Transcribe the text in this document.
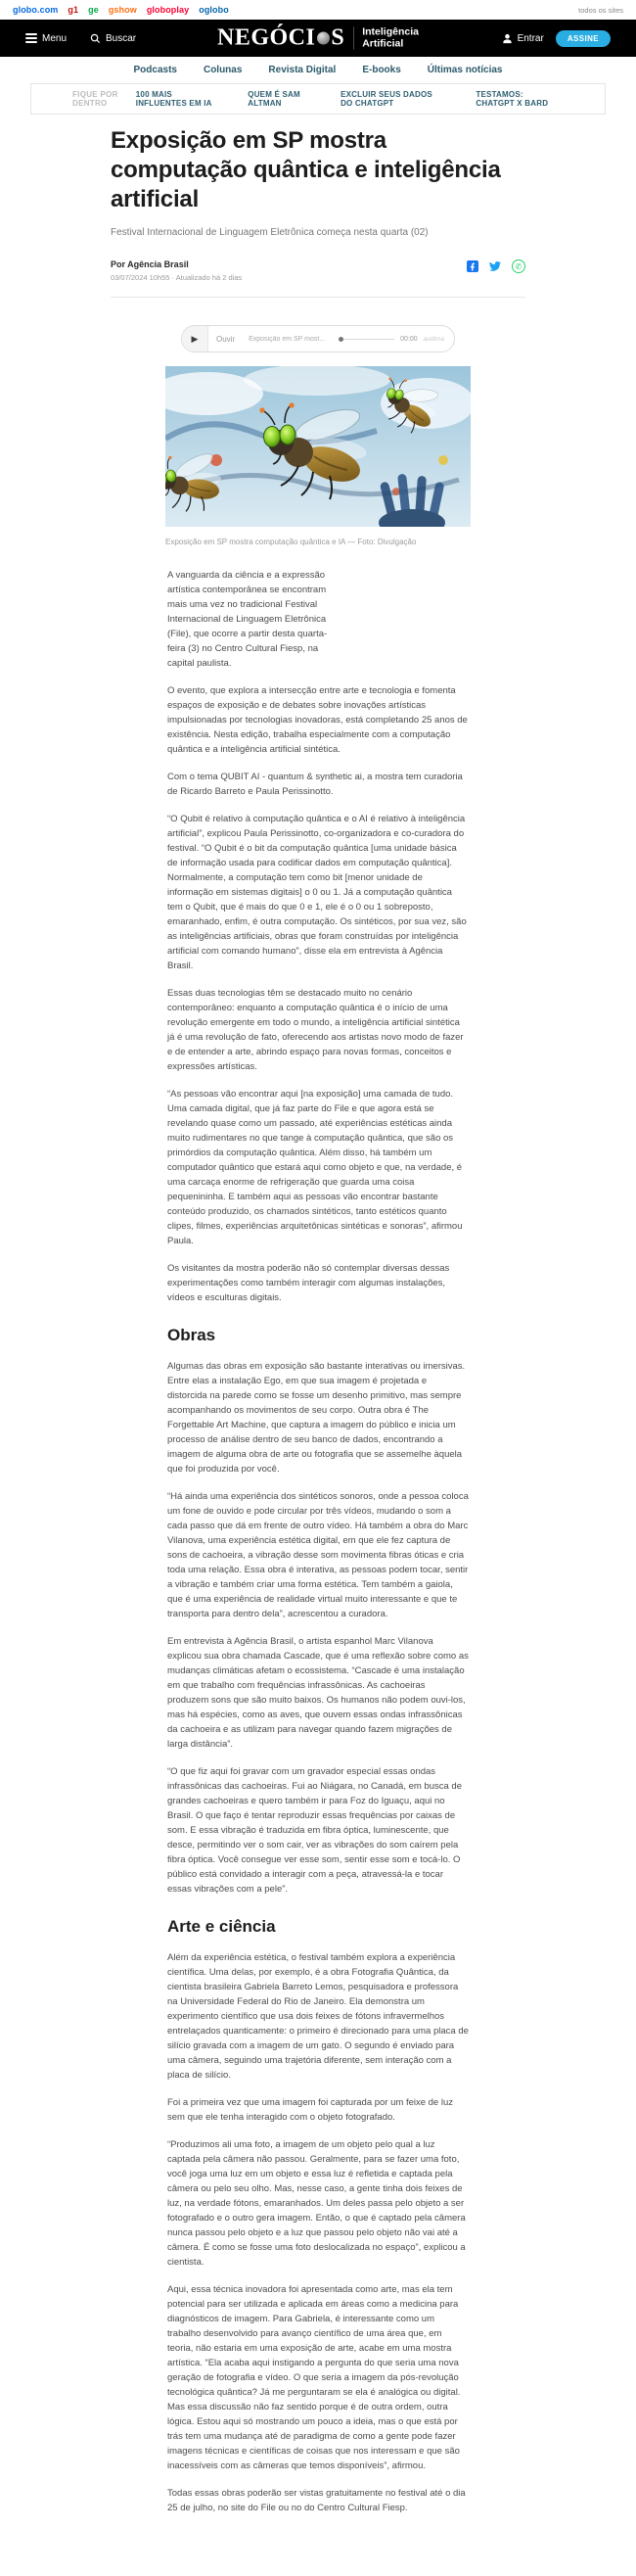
globo.com g1 ge gshow globoplay oglobo	todos os sites
Menu	Buscar	NEGÓCI S Inteligência
Artificial	Entrar	ASSINE
Podcasts	Colunas	Revista Digital	E-books	Últimas notícias
FIQUE POR DENTRO
100 MAIS INFLUENTES EM IA
QUEM É SAM ALTMAN
EXCLUIR SEUS DADOS DO CHATGPT
TESTAMOS: CHATGPT X BARD
Exposição em SP mostra computação quântica e inteligência artificial
Festival Internacional de Linguagem Eletrônica começa nesta quarta (02)
Por Agência Brasil
03/07/2024 10h55 · Atualizado há 2 dias
✆
▶ Ouvir	Exposição em SP most...	00:00 audima
Exposição em SP mostra computação quântica e IA — Foto: Divulgação
A vanguarda da ciência e a expressão artística contemporânea se encontram mais uma vez no tradicional Festival Internacional de Linguagem Eletrônica (File), que ocorre a partir desta quarta-feira (3) no Centro Cultural Fiesp, na capital paulista.
O evento, que explora a intersecção entre arte e tecnologia e fomenta espaços de exposição e de debates sobre inovações artísticas impulsionadas por tecnologias inovadoras, está completando 25 anos de existência. Nesta edição, trabalha especialmente com a computação quântica e a inteligência artificial sintética.
Com o tema QUBIT AI - quantum & synthetic ai, a mostra tem curadoria de Ricardo Barreto e Paula Perissinotto.
“O Qubit é relativo à computação quântica e o AI é relativo à inteligência artificial”, explicou Paula Perissinotto, co-organizadora e co-curadora do festival. “O Qubit é o bit da computação quântica [uma unidade básica de informação usada para codificar dados em computação quântica]. Normalmente, a computação tem como bit [menor unidade de informação em sistemas digitais] o 0 ou 1. Já a computação quântica tem o Qubit, que é mais do que 0 e 1, ele é o 0 ou 1 sobreposto, emaranhado, enfim, é outra computação. Os sintéticos, por sua vez, são as inteligências artificiais, obras que foram construídas por inteligência artificial com comando humano”, disse ela em entrevista à Agência Brasil.
Essas duas tecnologias têm se destacado muito no cenário contemporâneo: enquanto a computação quântica é o início de uma revolução emergente em todo o mundo, a inteligência artificial sintética já é uma revolução de fato, oferecendo aos artistas novo modo de fazer e de entender a arte, abrindo espaço para novas formas, conceitos e expressões artísticas.
“As pessoas vão encontrar aqui [na exposição] uma camada de tudo. Uma camada digital, que já faz parte do File e que agora está se revelando quase como um passado, até experiências estéticas ainda muito rudimentares no que tange à computação quântica, que são os primórdios da computação quântica. Além disso, há também um computador quântico que estará aqui como objeto e que, na verdade, é uma carcaça enorme de refrigeração que guarda uma coisa pequenininha. E também aqui as pessoas vão encontrar bastante conteúdo produzido, os chamados sintéticos, tanto estéticos quanto clipes, filmes, experiências arquitetônicas sintéticas e sonoras”, afirmou Paula.
Os visitantes da mostra poderão não só contemplar diversas dessas experimentações como também interagir com algumas instalações, vídeos e esculturas digitais.
Obras
Algumas das obras em exposição são bastante interativas ou imersivas. Entre elas a instalação Ego, em que sua imagem é projetada e distorcida na parede como se fosse um desenho primitivo, mas sempre acompanhando os movimentos de seu corpo. Outra obra é The Forgettable Art Machine, que captura a imagem do público e inicia um processo de análise dentro de seu banco de dados, encontrando a imagem de alguma obra de arte ou fotografia que se assemelhe àquela que foi produzida por você.
“Há ainda uma experiência dos sintéticos sonoros, onde a pessoa coloca um fone de ouvido e pode circular por três vídeos, mudando o som a cada passo que dá em frente de outro vídeo. Há também a obra do Marc Vilanova, uma experiência estética digital, em que ele fez captura de sons de cachoeira, a vibração desse som movimenta fibras óticas e cria toda uma relação. Essa obra é interativa, as pessoas podem tocar, sentir a vibração e também criar uma forma estética. Tem também a gaiola, que é uma experiência de realidade virtual muito interessante e que te transporta para dentro dela”, acrescentou a curadora.
Em entrevista à Agência Brasil, o artista espanhol Marc Vilanova explicou sua obra chamada Cascade, que é uma reflexão sobre como as mudanças climáticas afetam o ecossistema. “Cascade é uma instalação em que trabalho com frequências infrassônicas. As cachoeiras produzem sons que são muito baixos. Os humanos não podem ouvi-los, mas há espécies, como as aves, que ouvem essas ondas infrassônicas da cachoeira e as utilizam para navegar quando fazem migrações de larga distância”.
“O que fiz aqui foi gravar com um gravador especial essas ondas infrassônicas das cachoeiras. Fui ao Niágara, no Canadá, em busca de grandes cachoeiras e quero também ir para Foz do Iguaçu, aqui no Brasil. O que faço é tentar reproduzir essas frequências por caixas de som. E essa vibração é traduzida em fibra óptica, luminescente, que desce, permitindo ver o som cair, ver as vibrações do som caírem pela fibra óptica. Você consegue ver esse som, sentir esse som e tocá-lo. O público está convidado a interagir com a peça, atravessá-la e tocar essas vibrações com a pele”.
Arte e ciência
Além da experiência estética, o festival também explora a experiência científica. Uma delas, por exemplo, é a obra Fotografia Quântica, da cientista brasileira Gabriela Barreto Lemos, pesquisadora e professora na Universidade Federal do Rio de Janeiro. Ela demonstra um experimento científico que usa dois feixes de fótons infravermelhos entrelaçados quanticamente: o primeiro é direcionado para uma placa de silício gravada com a imagem de um gato. O segundo é enviado para uma câmera, seguindo uma trajetória diferente, sem interação com a placa de silício.
Foi a primeira vez que uma imagem foi capturada por um feixe de luz sem que ele tenha interagido com o objeto fotografado.
“Produzimos ali uma foto, a imagem de um objeto pelo qual a luz captada pela câmera não passou. Geralmente, para se fazer uma foto, você joga uma luz em um objeto e essa luz é refletida e captada pela câmera ou pelo seu olho. Mas, nesse caso, a gente tinha dois feixes de luz, na verdade fótons, emaranhados. Um deles passa pelo objeto a ser fotografado e o outro gera imagem. Então, o que é captado pela câmera nunca passou pelo objeto e a luz que passou pelo objeto não vai até a câmera. É como se fosse uma foto deslocalizada no espaço”, explicou a cientista.
Aqui, essa técnica inovadora foi apresentada como arte, mas ela tem potencial para ser utilizada e aplicada em áreas como a medicina para diagnósticos de imagem. Para Gabriela, é interessante como um trabalho desenvolvido para avanço científico de uma área que, em teoria, não estaria em uma exposição de arte, acabe em uma mostra artística. “Ela acaba aqui instigando a pergunta do que seria uma nova geração de fotografia e vídeo. O que seria a imagem da pós-revolução tecnológica quântica? Já me perguntaram se ela é analógica ou digital. Mas essa discussão não faz sentido porque é de outra ordem, outra lógica. Estou aqui só mostrando um pouco a ideia, mas o que está por trás tem uma mudança até de paradigma de como a gente pode fazer imagens técnicas e científicas de coisas que nos interessam e que são inacessíveis com as câmeras que temos disponíveis”, afirmou.
Todas essas obras poderão ser vistas gratuitamente no festival até o dia 25 de julho, no site do File ou no do Centro Cultural Fiesp.
